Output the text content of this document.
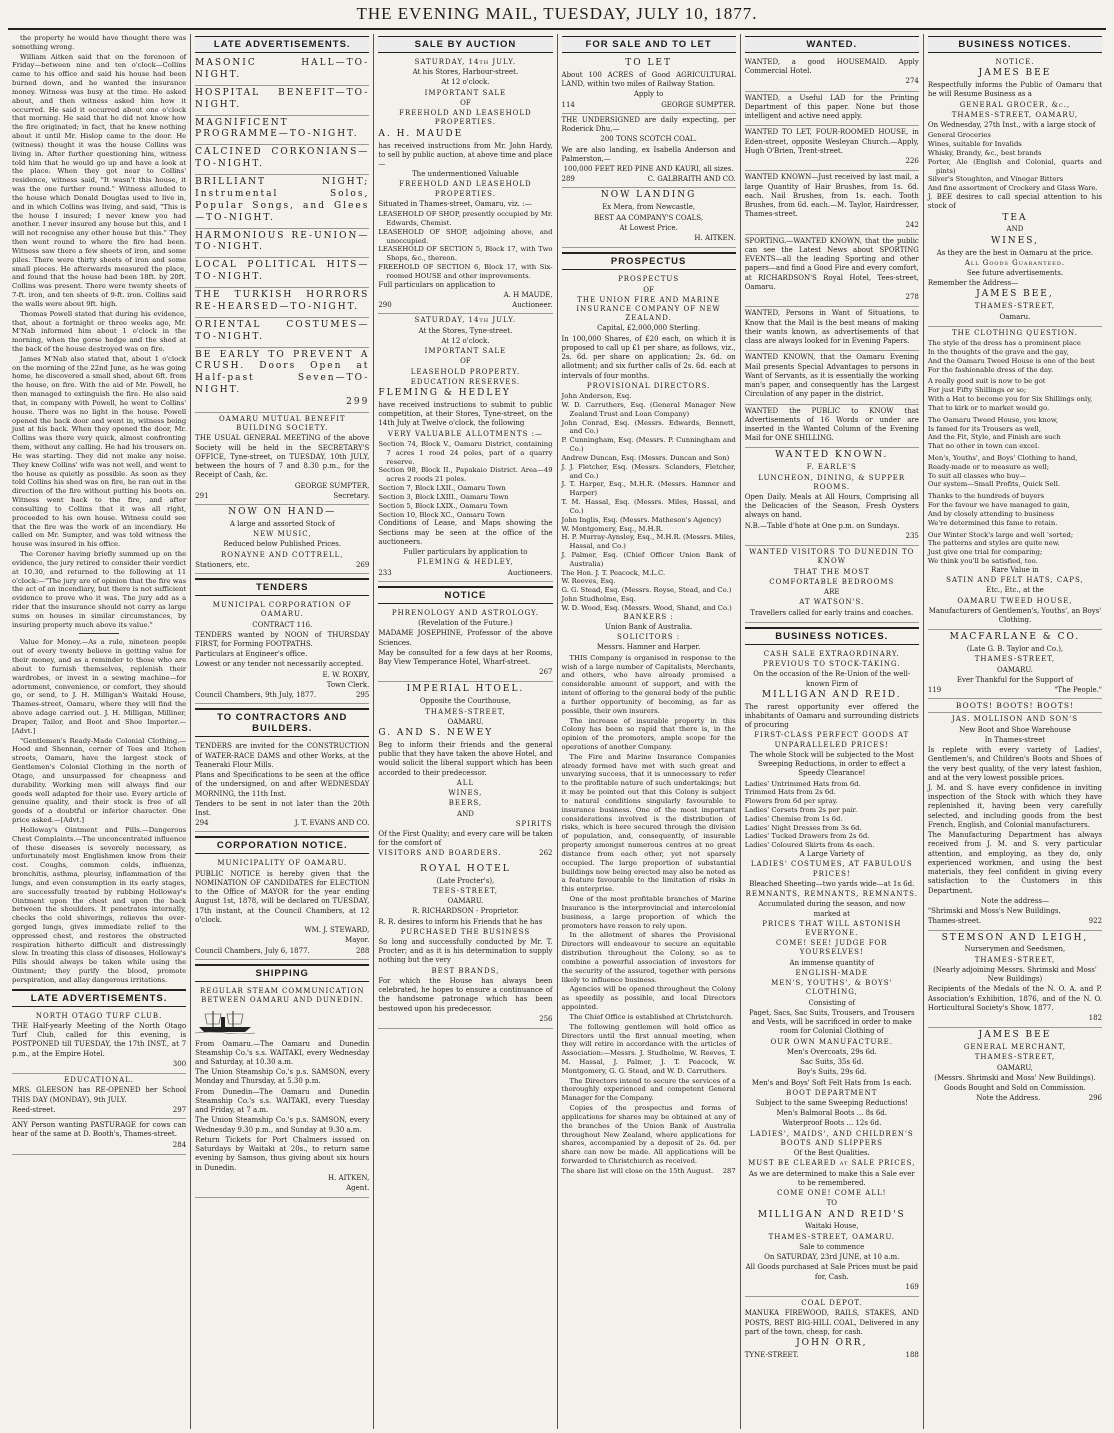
THE EVENING MAIL, TUESDAY, JULY 10, 1877.

the property he would have thought there was something wrong.

William Aitken said that on the forenoon of Friday—between nine and ten o'clock—Collins came to his office and said his house had been burned down, and he wanted the insurance money. Witness was busy at the time. He asked about, and then witness asked him how it occurred. He said it occurred about one o'clock that morning. He said that he did not know how the fire originated; in fact, that he knew nothing about it until Mr. Hislop came to the door. He (witness) thought it was the house Collins was living in. After further questioning him, witness told him that he would go up and have a look at the place. When they got near to Collins' residence, witness said, "It wasn't this house, it was the one further round." Witness alluded to the house which Donald Douglas used to live in, and in which Collins was living, and said, "This is the house I insured; I never knew you had another. I never insured any house but this, and I will not recognise any other house but this." They then went round to where the fire had been. Witness saw there a few sheets of iron, and some piles. There were thirty sheets of iron and some small pieces. He afterwards measured the place, and found that the house had been 18ft. by 20ft. Collins was present. There were twenty sheets of 7-ft. iron, and ten sheets of 9-ft. iron. Collins said the walls were about 9ft. high.

Thomas Powell stated that during his evidence, that, about a fortnight or three weeks ago, Mr. M'Nab informed him about 1 o'clock in the morning, when the gorse hedge and the shed at the back of the house destroyed was on fire.

James M'Nab also stated that, about 1 o'clock on the morning of the 22nd June, as he was going home, he discovered a small shed, about 6ft. from the house, on fire. With the aid of Mr. Powell, he then managed to extinguish the fire. He also said that, in company with Powell, he went to Collins' house. There was no light in the house. Powell opened the back door and went in, witness being just at his back. When they opened the door, Mr. Collins was there very quick, almost confronting them, without any calling. He had his trousers on. He was starting. They did not make any noise. They knew Collins' wife was not well, and went to the house as quietly as possible. As soon as they told Collins his shed was on fire, he ran out in the direction of the fire without putting his boots on. Witness went back to the fire, and after consulting to Collins that it was all right, proceeded to his own house. Witness could see that the fire was the work of an incendiary. He called on Mr. Sumpter, and was told witness the house was insured in his office.

The Coroner having briefly summed up on the evidence, the jury retired to consider their verdict at 10.30, and returned to the following at 11 o'clock:—"The jury are of opinion that the fire was the act of an incendiary, but there is not sufficient evidence to prove who it was. The jury add as a rider that the insurance should not carry as large sums on houses in similar circumstances, by insuring property much above its value."

Value for Money.—As a rule, nineteen people out of every twenty believe in getting value for their money, and as a reminder to those who are about to furnish themselves, replenish their wardrobes, or invest in a sewing machine—for adornment, convenience, or comfort, they should go, or send, to J. H. Milligan's Waitaki House, Thames-street, Oamaru, where they will find the above adage carried out. J. H. Milligan, Milliner, Draper, Tailor, and Boot and Shoe Importer.—[Advt.]

"Gentlemen's Ready-Made Colonial Clothing.—Hood and Shennan, corner of Tees and Itchen streets, Oamaru, have the largest stock of Gentlemen's Colonial Clothing in the north of Otago, and unsurpassed for cheapness and durability. Working men will always find our goods well adapted for their use. Every article of genuine quality, and their stock is free of all goods of a doubtful or inferior character. One price asked.—[Advt.]

Holloway's Ointment and Pills.—Dangerous Chest Complaints.—The unconcentrated influence of these diseases is severely necessary, as unfortunately most Englishmen know from their cost. Coughs, common colds, influenza, bronchitis, asthma, pleurisy, inflammation of the lungs, and even consumption in its early stages, are successfully treated by rubbing Holloway's Ointment upon the chest and upon the back between the shoulders. It penetrates internally, checks the cold shiverings, relieves the over-gorged lungs, gives immediate relief to the oppressed chest, and restores the obstructed respiration hitherto difficult and distressingly slow. In treating this class of diseases, Holloway's Pills should always be taken while using the Ointment; they purify the blood, promote perspiration, and allay dangerous irritations.

LATE ADVERTISEMENTS.

NORTH OTAGO TURF CLUB.

THE Half-yearly Meeting of the North Otago Turf Club, called for this evening, is POSTPONED till TUESDAY, the 17th INST., at 7 p.m., at the Empire Hotel.

300

EDUCATIONAL.

MRS. GLEESON has RE-OPENED her School THIS DAY (MONDAY), 9th JULY.

Reed-street.	297

ANY Person wanting PASTURAGE for cows can hear of the same at D. Booth's, Thames-street.

284

LATE ADVERTISEMENTS.
MASONIC HALL—TO-NIGHT.
HOSPITAL BENEFIT—TO-NIGHT.
MAGNIFICENT PROGRAMME—TO-NIGHT.
CALCINED CORKONIANS—TO-NIGHT.
BRILLIANT NIGHT; Instrumental Solos, Popular Songs, and Glees—TO-NIGHT.
HARMONIOUS RE-UNION—TO-NIGHT.
LOCAL POLITICAL HITS—TO-NIGHT.
THE TURKISH HORRORS RE-HEARSED—TO-NIGHT.
ORIENTAL COSTUMES—TO-NIGHT.
BE EARLY TO PREVENT A CRUSH. Doors Open at Half-past Seven—TO-NIGHT.
299

OAMARU MUTUAL BENEFIT BUILDING SOCIETY.

THE USUAL GENERAL MEETING of the above Society will be held in the SECRETARY'S OFFICE, Tyne-street, on TUESDAY, 10th JULY, between the hours of 7 and 8.30 p.m., for the Receipt of Cash, &c.

GEORGE SUMPTER,

291	Secretary.

NOW ON HAND—

A large and assorted Stock of

NEW MUSIC,

Reduced below Published Prices.

RONAYNE AND COTTRELL,

Stationers, etc.	269
TENDERS

MUNICIPAL CORPORATION OF OAMARU.

CONTRACT 116.

TENDERS wanted by NOON of THURSDAY FIRST, for Forming FOOTPATHS.

Particulars at Engineer's office.

Lowest or any tender not necessarily accepted.

E. W. ROXBY,

Town Clerk.

Council Chambers, 9th July, 1877.	295
TO CONTRACTORS AND BUILDERS.

TENDERS are invited for the CONSTRUCTION of WATER-RACE DAMS and other Works, at the Teaneraki Flour Mills.

Plans and Specifications to be seen at the office of the undersigned, on and after WEDNESDAY MORNING, the 11th Inst.

Tenders to be sent in not later than the 20th Inst.

294	J. T. EVANS AND CO.
CORPORATION NOTICE.

MUNICIPALITY OF OAMARU.

PUBLIC NOTICE is hereby given that the NOMINATION OF CANDIDATES for ELECTION to the Office of MAYOR for the year ending August 1st, 1878, will be declared on TUESDAY, 17th instant, at the Council Chambers, at 12 o'clock.

WM. J. STEWARD,

Mayor.

Council Chambers, July 6, 1877.	288
SHIPPING

REGULAR STEAM COMMUNICATION BETWEEN OAMARU AND DUNEDIN.

From Oamaru.—The Oamaru and Dunedin Steamship Co.'s s.s. WAITAKI, every Wednesday and Saturday, at 10.30 a.m.

The Union Steamship Co.'s p.s. SAMSON, every Monday and Thursday, at 5.30 p.m.

From Dunedin—The Oamaru and Dunedin Steamship Co.'s s.s. WAITAKI, every Tuesday and Friday, at 7 a.m.

The Union Steamship Co.'s p.s. SAMSON, every Wednesday 9.30 p.m., and Sunday at 9.30 a.m.

Return Tickets for Port Chalmers issued on Saturdays by Waitaki at 20s., to return same evening by Samson, thus giving about six hours in Dunedin.

H. AITKEN,

Agent.

SALE BY AUCTION

SATURDAY, 14th JULY.

At his Stores, Harbour-street.

At 12 o'clock.

IMPORTANT SALE

OF

FREEHOLD AND LEASEHOLD PROPERTIES.

A. H. MAUDE

has received instructions from Mr. John Hardy, to sell by public auction, at above time and place—

The undermentioned Valuable

FREEHOLD AND LEASEHOLD PROPERTIES.

Situated in Thames-street, Oamaru, viz. :—

LEASEHOLD OF SHOP, presently occupied by Mr. Edwards, Chemist.
LEASEHOLD OF SHOP, adjoining above, and unoccupied.
LEASEHOLD OF SECTION 5, Block 17, with Two Shops, &c., thereon.
FREEHOLD OF SECTION 6, Block 17, with Six-roomed HOUSE and other improvements.

Full particulars on application to

A. H MAUDE,

290	Auctioneer.

SATURDAY, 14th JULY.

At the Stores, Tyne-street.

At 12 o'clock.

IMPORTANT SALE

OF

LEASEHOLD PROPERTY.

EDUCATION RESERVES.

FLEMING & HEDLEY

have received instructions to submit to public competition, at their Stores, Tyne-street, on the 14th July at Twelve o'clock, the following

VERY VALUABLE ALLOTMENTS :—

Section 74, Block V., Oamaru District, containing 7 acres 1 rood 24 poles, part of a quarry reserve.
Section 98, Block II., Papakaio District. Area—49 acres 2 roods 21 poles.
Section 7, Block LXII., Oamaru Town
Section 3, Block LXIII., Oamaru Town
Section 5, Block LXIX., Oamaru Town
Section 10, Block XC., Oamaru Town

Conditions of Lease, and Maps showing the Sections may be seen at the office of the auctioneers.

Fuller particulars by application to

FLEMING & HEDLEY,

233	Auctioneers.
NOTICE

PHRENOLOGY AND ASTROLOGY.

(Revelation of the Future.)

MADAME JOSEPHINE, Professor of the above Sciences.

May be consulted for a few days at her Rooms, Bay View Temperance Hotel, Wharf-street.

267

IMPERIAL HTOEL.

Opposite the Courthouse,

THAMES-STREET,

OAMARU.

G. AND S. NEWEY

Beg to inform their friends and the general public that they have taken the above Hotel, and would solicit the liberal support which has been accorded to their predecessor.

ALL

WINES,

BEERS,

AND

SPIRITS

Of the First Quality; and every care will be taken for the comfort of

VISITORS AND BOARDERS.	262

ROYAL HOTEL

(Late Procter's),

TEES-STREET,

OAMARU.

R. RICHARDSON - Proprietor.

R. R. desires to inform his Friends that he has

PURCHASED THE BUSINESS

So long and successfully conducted by Mr. T. Procter; and as it is his determination to supply nothing but the very

BEST BRANDS,

For which the House has always been celebrated, he hopes to ensure a continuance of the handsome patronage which has been bestowed upon his predecessor.

256

FOR SALE AND TO LET

TO LET

About 100 ACRES of Good AGRICULTURAL LAND, within two miles of Railway Station.

Apply to

114	GEORGE SUMPTER.

THE UNDERSIGNED are daily expecting, per Roderick Dhu,—

200 TONS SCOTCH COAL.

We are also landing, ex Isabella Anderson and Palmerston,—

100,000 FEET RED PINE AND KAURI, all sizes.

289	C. GALBRAITH AND CO.

NOW LANDING

Ex Mera, from Newcastle,

BEST AA COMPANY'S COALS,

At Lowest Price.

H. AITKEN.

PROSPECTUS

PROSPECTUS

OF

THE UNION FIRE AND MARINE INSURANCE COMPANY OF NEW ZEALAND.

Capital, £2,000,000 Sterling.

In 100,000 Shares, of £20 each, on which it is proposed to call up £1 per share, as follows, viz., 2s. 6d. per share on application; 2s. 6d. on allotment; and six further calls of 2s. 6d. each at intervals of four months.

PROVISIONAL DIRECTORS.

John Anderson, Esq.
W. D. Carruthers, Esq. (General Manager New Zealand Trust and Loan Company)
John Conrad, Esq. (Messrs. Edwards, Bennett, and Co.)
P. Cunningham, Esq. (Messrs. P. Cunningham and Co.)
Andrew Duncan, Esq. (Messrs. Duncan and Son)
J. J. Fletcher, Esq. (Messrs. Sclanders, Fletcher, and Co.)
J. T. Harper, Esq., M.H.R. (Messrs. Hamner and Harper)
T. M. Hassal, Esq. (Messrs. Miles, Hassal, and Co.)
John Inglis, Esq. (Messrs. Matheson's Agency)
W. Montgomery, Esq., M.H.R.
H. P. Murray-Aynsley, Esq., M.H.R. (Messrs. Miles, Hassal, and Co.)
J. Palmer, Esq. (Chief Officer Union Bank of Australia)
The Hon. J. T. Peacock, M.L.C.
W. Reeves, Esq.
G. G. Stead, Esq. (Messrs. Royse, Stead, and Co.)
John Studholme, Esq.
W. D. Wood, Esq. (Messrs. Wood, Shand, and Co.)

BANKERS :

Union Bank of Australia.

SOLICITORS :

Messrs. Hamner and Harper.

THIS Company is organised in response to the wish of a large number of Capitalists, Merchants, and others, who have already promised a considerable amount of support, and with the intent of offering to the general body of the public a further opportunity of becoming, as far as possible, their own insurers.

The increase of insurable property in this Colony has been so rapid that there is, in the opinion of the promoters, ample scope for the operations of another Company.

The Fire and Marine Insurance Companies already formed have met with such great and unvarying success, that it is unnecessary to refer to the profitable nature of such undertakings; but it may be pointed out that this Colony is subject to natural conditions singularly favourable to insurance business. One of the most important considerations involved is the distribution of risks, which is here secured through the division of population, and, consequently, of insurable property amongst numerous centres at no great distance from each other, yet not sparsely occupied. The large proportion of substantial buildings now being erected may also be noted as a feature favourable to the limitation of risks in this enterprise.

One of the most profitable branches of Marine Insurance is the interprovincial and intercolonial business, a large proportion of which the promoters have reason to rely upon.

In the allotment of shares the Provisional Directors will endeavour to secure an equitable distribution throughout the Colony, so as to combine a powerful association of investors for the security of the assured, together with persons likely to influence business.

Agencies will be opened throughout the Colony as speedily as possible, and local Directors appointed.

The Chief Office is established at Christchurch.

The following gentlemen will hold office as Directors until the first annual meeting, when they will retire in accordance with the articles of Association:—Messrs. J. Studholme, W. Reeves, T. M. Hassal, J. Palmer, J. T. Peacock, W. Montgomery, G. G. Stead, and W. D. Carruthers.

The Directors intend to secure the services of a thoroughly experienced and competent General Manager for the Company.

Copies of the prospectus and forms of applications for shares may be obtained at any of the branches of the Union Bank of Australia throughout New Zealand, where applications for shares, accompanied by a deposit of 2s. 6d. per share can now be made. All applications will be forwarded to Christchurch as received.

The share list will close on the 15th August. 287
WANTED.

WANTED, a good HOUSEMAID. Apply Commercial Hotel.

274

WANTED, a Useful LAD for the Printing Department of this paper. None but those intelligent and active need apply.

WANTED TO LET, FOUR-ROOMED HOUSE, in Eden-street, opposite Wesleyan Church.—Apply, Hugh O'Brien, Trent-street.

226

WANTED KNOWN—Just received by last mail, a large Quantity of Hair Brushes, from 1s. 6d. each. Nail Brushes, from 1s. each. Tooth Brushes, from 6d. each.—M. Taylor, Hairdresser, Thames-street.

242

SPORTING.—WANTED KNOWN, that the public can see the Latest News about SPORTING EVENTS—all the leading Sporting and other papers—and find a Good Fire and every comfort, at RICHARDSON'S Royal Hotel, Tees-street, Oamaru.

278

WANTED, Persons in Want of Situations, to Know that the Mail is the best means of making their wants known, as advertisements of that class are always looked for in Evening Papers.

WANTED KNOWN, that the Oamaru Evening Mail presents Special Advantages to persons in Want of Servants, as it is essentially the working man's paper, and consequently has the Largest Circulation of any paper in the district.

WANTED the PUBLIC to KNOW that Advertisements of 16 Words or under are inserted in the Wanted Column of the Evening Mail for ONE SHILLING.

WANTED KNOWN.

F. EARLE'S

LUNCHEON, DINING, & SUPPER ROOMS.

Open Daily. Meals at All Hours, Comprising all the Delicacies of the Season, Fresh Oysters always on hand.

N.B.—Table d'hote at One p.m. on Sundays.

235

WANTED VISITORS TO DUNEDIN TO KNOW

THAT THE MOST

COMFORTABLE BEDROOMS

ARE

AT WATSON'S.

Travellers called for early trains and coaches.

BUSINESS NOTICES.

CASH SALE EXTRAORDINARY.

PREVIOUS TO STOCK-TAKING.

On the occasion of the Re-Union of the well-known Firm of

MILLIGAN AND REID.

The rarest opportunity ever offered the inhabitants of Oamaru and surrounding districts of procuring

FIRST-CLASS PERFECT GOODS AT UNPARALLELED PRICES!

The whole Stock will be subjected to the Most Sweeping Reductions, in order to effect a Speedy Clearance!

Ladies' Untrimmed Hats from 6d.
Trimmed Hats from 2s 6d.
Flowers from 6d per spray.
Ladies' Corsets from 2s per pair.
Ladies' Chemise from 1s 6d.
Ladies' Night Dresses from 3s 6d.
Ladies' Tucked Drawers from 2s 6d.
Ladies' Coloured Skirts from 4s each.

A Large Variety of

LADIES' COSTUMES, AT FABULOUS PRICES!

Bleached Sheeting—two yards wide—at 1s 6d.

REMNANTS, REMNANTS, REMNANTS.

Accumulated during the season, and now marked at

PRICES THAT WILL ASTONISH EVERYONE.

COME! SEE! JUDGE FOR YOURSELVES!

An immense quantity of

ENGLISH-MADE

MEN'S, YOUTHS', & BOYS' CLOTHING,

Consisting of

Paget, Sacs, Sac Suits, Trousers, and Trousers and Vests, will be sacrificed in order to make room for Colonial Clothing of

OUR OWN MANUFACTURE.

Men's Overcoats, 29s 6d.

Sac Suits, 35s 6d.

Boy's Suits, 29s 6d.

Men's and Boys' Soft Felt Hats from 1s each.

BOOT DEPARTMENT

Subject to the same Sweeping Reductions!

Men's Balmoral Boots ... 8s 6d.

Waterproof Boots ... 12s 6d.

LADIES', MAIDS', AND CHILDREN'S BOOTS AND SLIPPERS

Of the Best Qualities.

MUST BE CLEARED at SALE PRICES,

As we are determined to make this a Sale ever to be remembered.

COME ONE! COME ALL!

TO

MILLIGAN AND REID'S

Waitaki House,

THAMES-STREET, OAMARU.

Sale to commence

On SATURDAY, 23rd JUNE, at 10 a.m.

All Goods purchased at Sale Prices must be paid for, Cash.

169

COAL DEPOT.

MANUKA FIREWOOD, RAILS, STAKES, AND POSTS, BEST BIG-HILL COAL, Delivered in any part of the town, cheap, for cash.

JOHN ORR,

TYNE-STREET.	188
BUSINESS NOTICES.

NOTICE.

JAMES BEE

Respectfully informs the Public of Oamaru that he will Resume Business as a

GENERAL GROCER, &c.,

THAMES-STREET, OAMARU,

On Wednesday, 27th Inst., with a large stock of

General Groceries
Wines, suitable for Invalids
Whisky, Brandy, &c., best brands
Porter, Ale (English and Colonial, quarts and pints)
Silver's Stoughton, and Vinegar Bitters
And fine assortment of Crockery and Glass Ware.

J. BEE desires to call special attention to his stock of

TEA

AND

WINES,

As they are the best in Oamaru at the price.

All Goods Guaranteed.

See future advertisements.

Remember the Address—

JAMES BEE,

THAMES-STREET,

Oamaru.

THE CLOTHING QUESTION.

The style of the dress has a prominent place
In the thoughts of the grave and the gay,
And the Oamaru Tweed House is one of the best
For the fashionable dress of the day.
A really good suit is now to be got
For just Fifty Shillings or so;
With a Hat to become you for Six Shillings only,
That to kirk or to market would go.
The Oamaru Tweed House, you know,
Is famed for its Trousers as well,
And the Fit, Style, and Finish are such
That no other in town can excel.
Men's, Youths', and Boys' Clothing to hand,
Ready-made or to measure as well;
To suit all classes who buy—
Our system—Small Profits, Quick Sell.
Thanks to the hundreds of buyers
For the favour we have managed to gain,
And by closely attending to business
We're determined this fame to retain.
Our Winter Stock's large and well 'sorted;
The patterns and styles are quite new.
Just give one trial for comparing;
We think you'll be satisfied, too.

Rare Value in

SATIN AND FELT HATS, CAPS,

Etc., Etc., at the

OAMARU TWEED HOUSE,

Manufacturers of Gentlemen's, Youths', an Boys' Clothing.

MACFARLANE & CO.

(Late G. B. Taylor and Co.),

THAMES-STREET,

OAMARU.

Ever Thankful for the Support of

119	"The People."

BOOTS! BOOTS! BOOTS!

JAS. MOLLISON AND SON'S

New Boot and Shoe Warehouse

In Thames-street

Is replete with every variety of Ladies', Gentlemen's, and Children's Boots and Shoes of the very best quality, of the very latest fashion, and at the very lowest possible prices.

J. M. and S. have every confidence in inviting inspection of the Stock with which they have replenished it, having been very carefully selected, and including goods from the best French, English, and Colonial manufacturers.

The Manufacturing Department has always received from J. M. and S. very particular attention, and employing, as they do, only experienced workmen, and using the best materials, they feel confident in giving every satisfaction to the Customers in this Department.

Note the address—

"Shrimski and Moss's New Buildings,

Thames-street.	922

STEMSON AND LEIGH,

Nurserymen and Seedsmen,

THAMES-STREET,

(Nearly adjoining Messrs. Shrimski and Moss' New Buildings)

Recipients of the Medals of the N. O. A. and P. Association's Exhibition, 1876, and of the N. O. Horticultural Society's Show, 1877.

182

JAMES BEE

GENERAL MERCHANT,

THAMES-STREET,

OAMARU,

(Messrs. Shrimski and Moss' New Buildings).

Goods Bought and Sold on Commission.

Note the Address.	296
